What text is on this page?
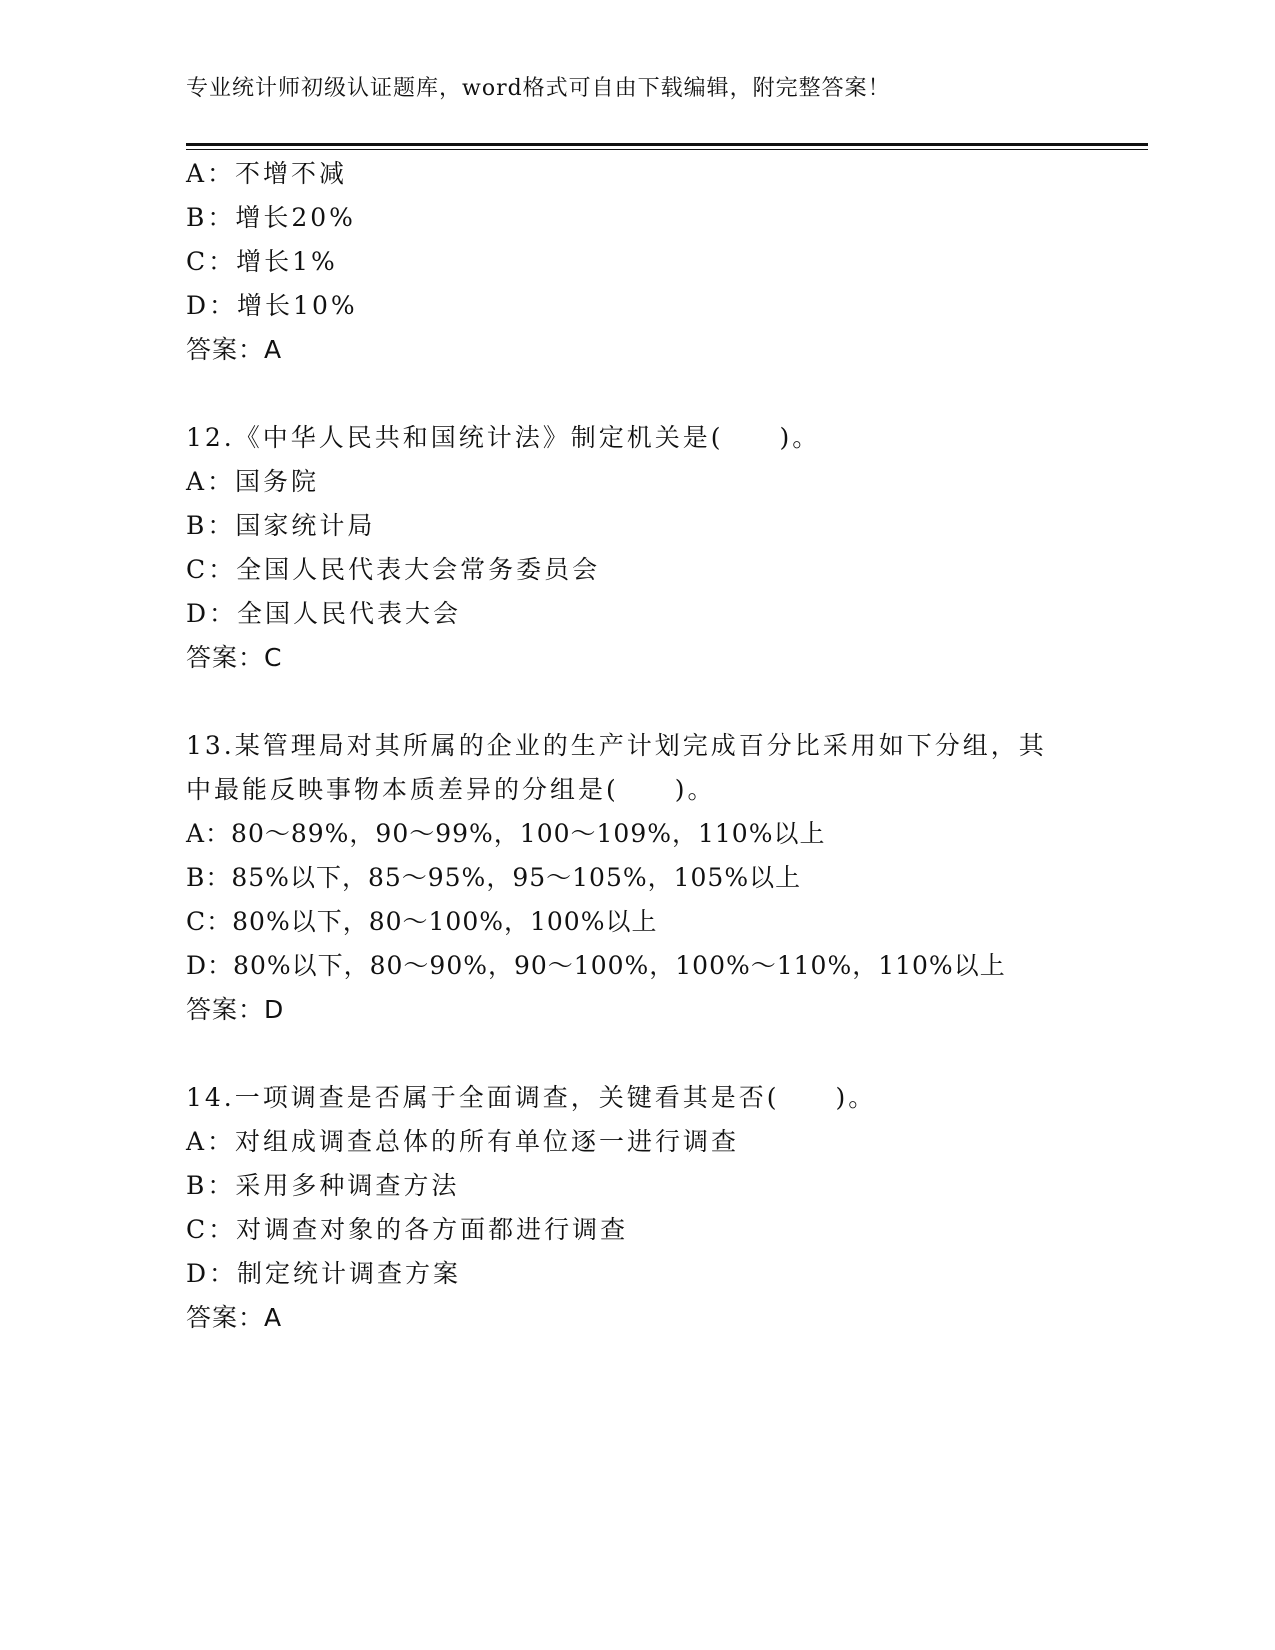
专业统计师初级认证题库，word格式可自由下载编辑，附完整答案！
A：不增不减
B：增长20%
C：增长1%
D：增长10%
答案：A
12.《中华人民共和国统计法》制定机关是(　　)。
A：国务院
B：国家统计局
C：全国人民代表大会常务委员会
D：全国人民代表大会
答案：C
13.某管理局对其所属的企业的生产计划完成百分比采用如下分组，其
中最能反映事物本质差异的分组是(　　)。
A：80～89%，90～99%，100～109%，110%以上
B：85%以下，85～95%，95～105%，105%以上
C：80%以下，80～100%，100%以上
D：80%以下，80～90%，90～100%，100%～110%，110%以上
答案：D
14.一项调查是否属于全面调查，关键看其是否(　　)。
A：对组成调查总体的所有单位逐一进行调查
B：采用多种调查方法
C：对调查对象的各方面都进行调查
D：制定统计调查方案
答案：A
